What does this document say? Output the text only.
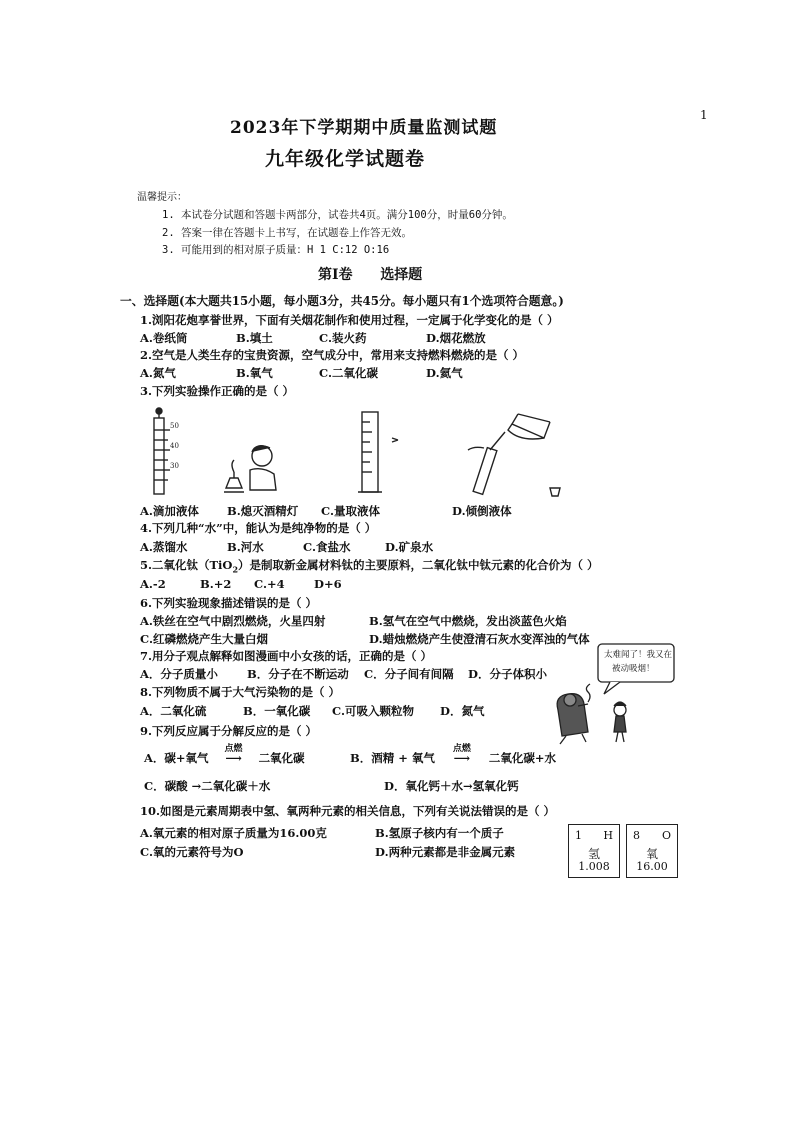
1
2023年下学期期中质量监测试题
九年级化学试题卷
温馨提示：
1. 本试卷分试题和答题卡两部分，试卷共4页。满分100分，时量60分钟。
2. 答案一律在答题卡上书写，在试题卷上作答无效。
3. 可能用到的相对原子质量：H 1 C:12 O:16
第Ⅰ卷 选择题
一、选择题(本大题共15小题，每小题3分，共45分。每小题只有1个选项符合题意。)
1.浏阳花炮享誉世界，下面有关烟花制作和使用过程，一定属于化学变化的是（ ）
A.卷纸筒	B.填土	C.装火药	D.烟花燃放
2.空气是人类生存的宝贵资源，空气成分中，常用来支持燃料燃烧的是（ ）
A.氮气	B.氧气	C.二氧化碳	D.氦气
3.下列实验操作正确的是（ ）
50
40
30
A.滴加液体 B.熄灭酒精灯 C.量取液体	D.倾倒液体
4.下列几种“水”中，能认为是纯净物的是（ ）
A.蒸馏水	B.河水	C.食盐水	D.矿泉水
5.二氧化钛（TiO$_2$）是制取新金属材料钛的主要原料，二氧化钛中钛元素的化合价为（ ）
A.-2	B.+2 C.+4	D+6
6.下列实验现象描述错误的是（ ）
A.铁丝在空气中剧烈燃烧，火星四射	B.氢气在空气中燃烧，发出淡蓝色火焰
C.红磷燃烧产生大量白烟	D.蜡烛燃烧产生使澄清石灰水变浑浊的气体
7.用分子观点解释如图漫画中小女孩的话，正确的是（ ）
A．分子质量小	B．分子在不断运动 C．分子间有间隔 D．分子体积小
太难闻了！我又在
被动吸烟！
8.下列物质不属于大气污染物的是（ ）
A．二氧化硫	B．一氧化碳 C.可吸入颗粒物 D．氮气
9.下列反应属于分解反应的是（ ）
A．碳+氧气
点燃
⟶ 二氧化碳	B．酒精 + 氧气
点燃
⟶ 二氧化碳+水
C．碳酸 →二氧化碳＋水	D．氧化钙＋水→氢氧化钙
10.如图是元素周期表中氢、氧两种元素的相关信息，下列有关说法错误的是（ ）
A.氧元素的相对原子质量为16.00克	B.氢原子核内有一个质子
C.氧的元素符号为O	D.两种元素都是非金属元素
1 H
氢
1.008
8 O
氧
16.00
